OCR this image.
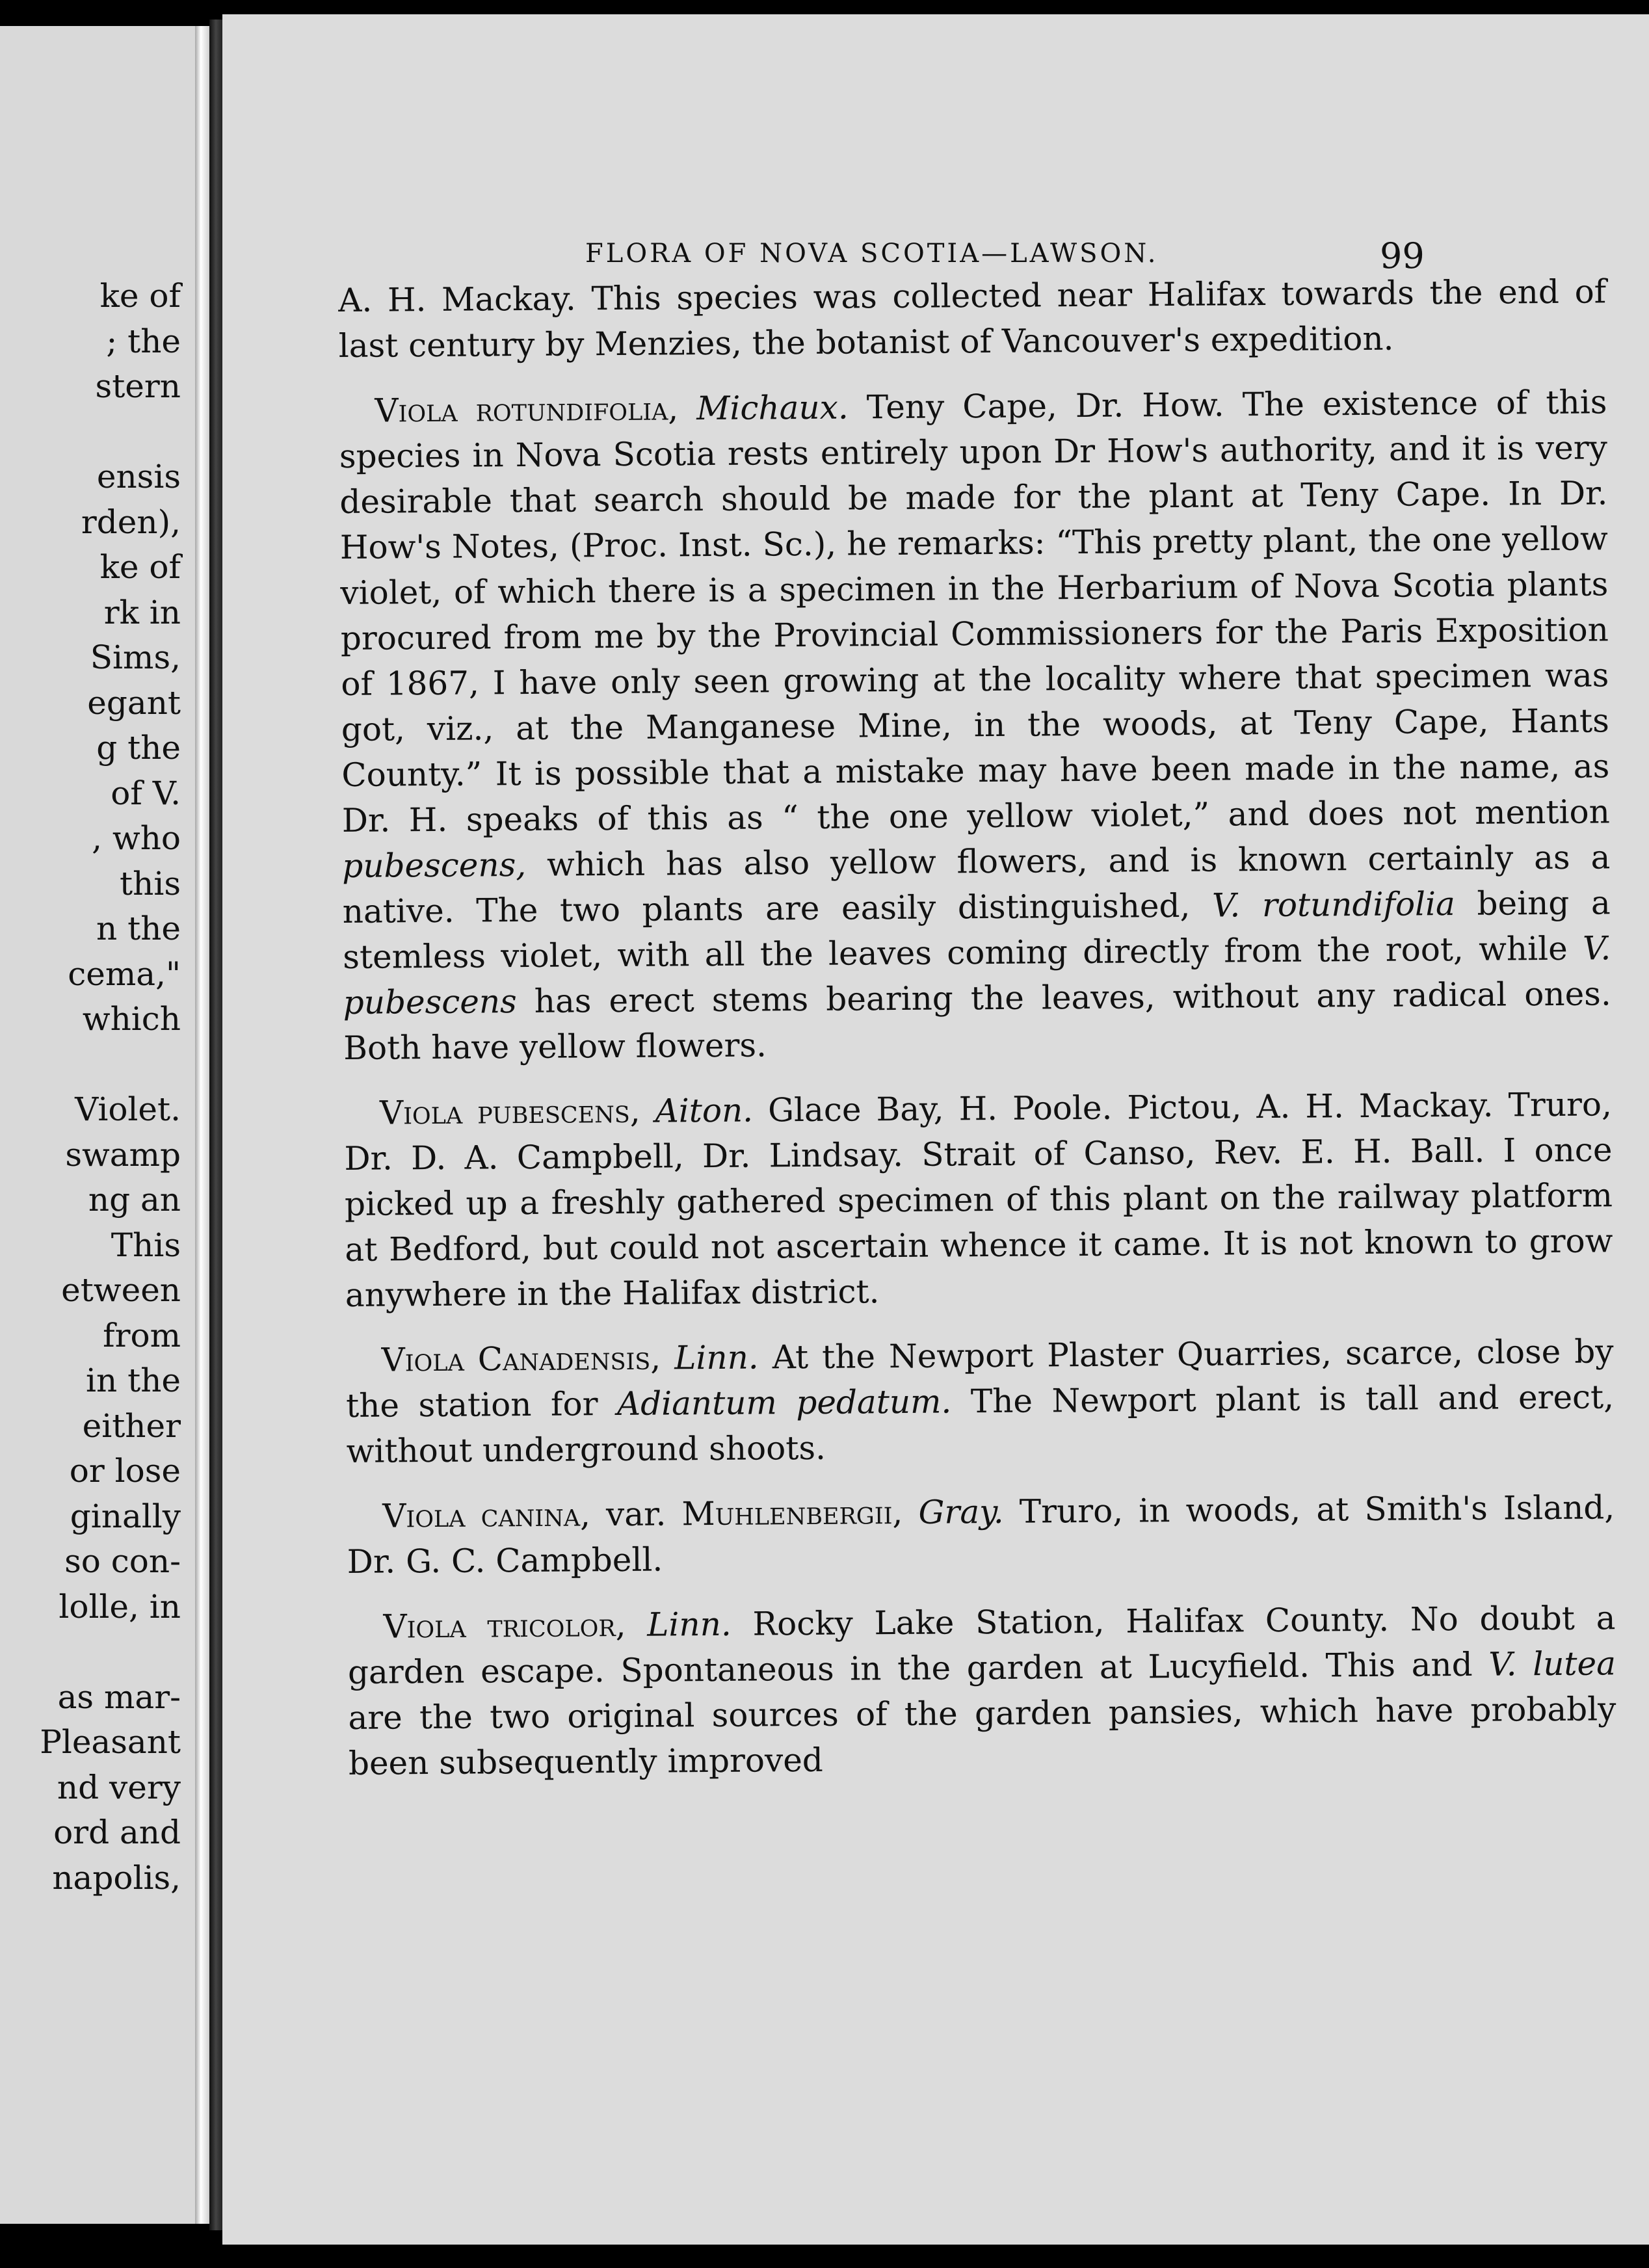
ke of
; the
stern
ensis
rden),
ke of
rk in
Sims,
egant
g the
of V.
, who
this
n the
cema,"
which
Violet.
swamp
ng an
This
etween
from
in the
either
or lose
ginally
so con-
lolle, in
as mar-
Pleasant
nd very
ord and
napolis,
FLORA OF NOVA SCOTIA—LAWSON.	99

A. H. Mackay. This species was collected near Halifax towards the end of last century by Menzies, the botanist of Vancouver's expedition.

Viola rotundifolia, Michaux. Teny Cape, Dr. How. The existence of this species in Nova Scotia rests entirely upon Dr How's authority, and it is very desirable that search should be made for the plant at Teny Cape. In Dr. How's Notes, (Proc. Inst. Sc.), he remarks: “This pretty plant, the one yellow violet, of which there is a specimen in the Herbarium of Nova Scotia plants procured from me by the Provincial Commissioners for the Paris Exposition of 1867, I have only seen growing at the locality where that specimen was got, viz., at the Manganese Mine, in the woods, at Teny Cape, Hants County.” It is possible that a mistake may have been made in the name, as Dr. H. speaks of this as “ the one yellow violet,” and does not mention pubescens, which has also yellow flowers, and is known certainly as a native. The two plants are easily distinguished, V. rotundifolia being a stemless violet, with all the leaves coming directly from the root, while V. pubescens has erect stems bearing the leaves, without any radical ones. Both have yellow flowers.

Viola pubescens, Aiton. Glace Bay, H. Poole. Pictou, A. H. Mackay. Truro, Dr. D. A. Campbell, Dr. Lindsay. Strait of Canso, Rev. E. H. Ball. I once picked up a freshly gathered specimen of this plant on the railway platform at Bedford, but could not ascertain whence it came. It is not known to grow anywhere in the Halifax district.

Viola Canadensis, Linn. At the Newport Plaster Quarries, scarce, close by the station for Adiantum pedatum. The Newport plant is tall and erect, without underground shoots.

Viola canina, var. Muhlenbergii, Gray. Truro, in woods, at Smith's Island, Dr. G. C. Campbell.

Viola tricolor, Linn. Rocky Lake Station, Halifax County. No doubt a garden escape. Spontaneous in the garden at Lucyfield. This and V. lutea are the two original sources of the garden pansies, which have probably been subsequently improved
